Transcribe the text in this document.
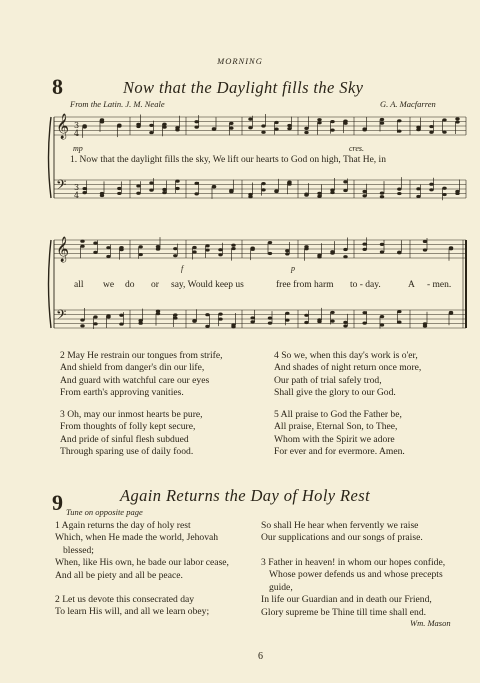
MORNING
8	Now that the Daylight fills the Sky
From the Latin. J. M. Neale	G. A. Macfarren
𝄞
𝄢
3
4
3
4
𝄞
𝄢
mp	cres.
1. Now that the daylight fills the sky, We lift our hearts to God on high, That He, in
f	p
all we do or say, Would keep us	free from harm to - day.	A - men.
2 May He restrain our tongues from strife,
And shield from danger's din our life,
And guard with watchful care our eyes
From earth's approving vanities.
3 Oh, may our inmost hearts be pure,
From thoughts of folly kept secure,
And pride of sinful flesh subdued
Through sparing use of daily food.
4 So we, when this day's work is o'er,
And shades of night return once more,
Our path of trial safely trod,
Shall give the glory to our God.
5 All praise to God the Father be,
All praise, Eternal Son, to Thee,
Whom with the Spirit we adore
For ever and for evermore. Amen.
9	Again Returns the Day of Holy Rest
Tune on opposite page
1 Again returns the day of holy rest
Which, when He made the world, Jehovah
blessed;
When, like His own, he bade our labor cease,
And all be piety and all be peace.
2 Let us devote this consecrated day
To learn His will, and all we learn obey;
So shall He hear when fervently we raise
Our supplications and our songs of praise.
3 Father in heaven! in whom our hopes confide,
Whose power defends us and whose precepts
guide,
In life our Guardian and in death our Friend,
Glory supreme be Thine till time shall end.
Wm. Mason
6
